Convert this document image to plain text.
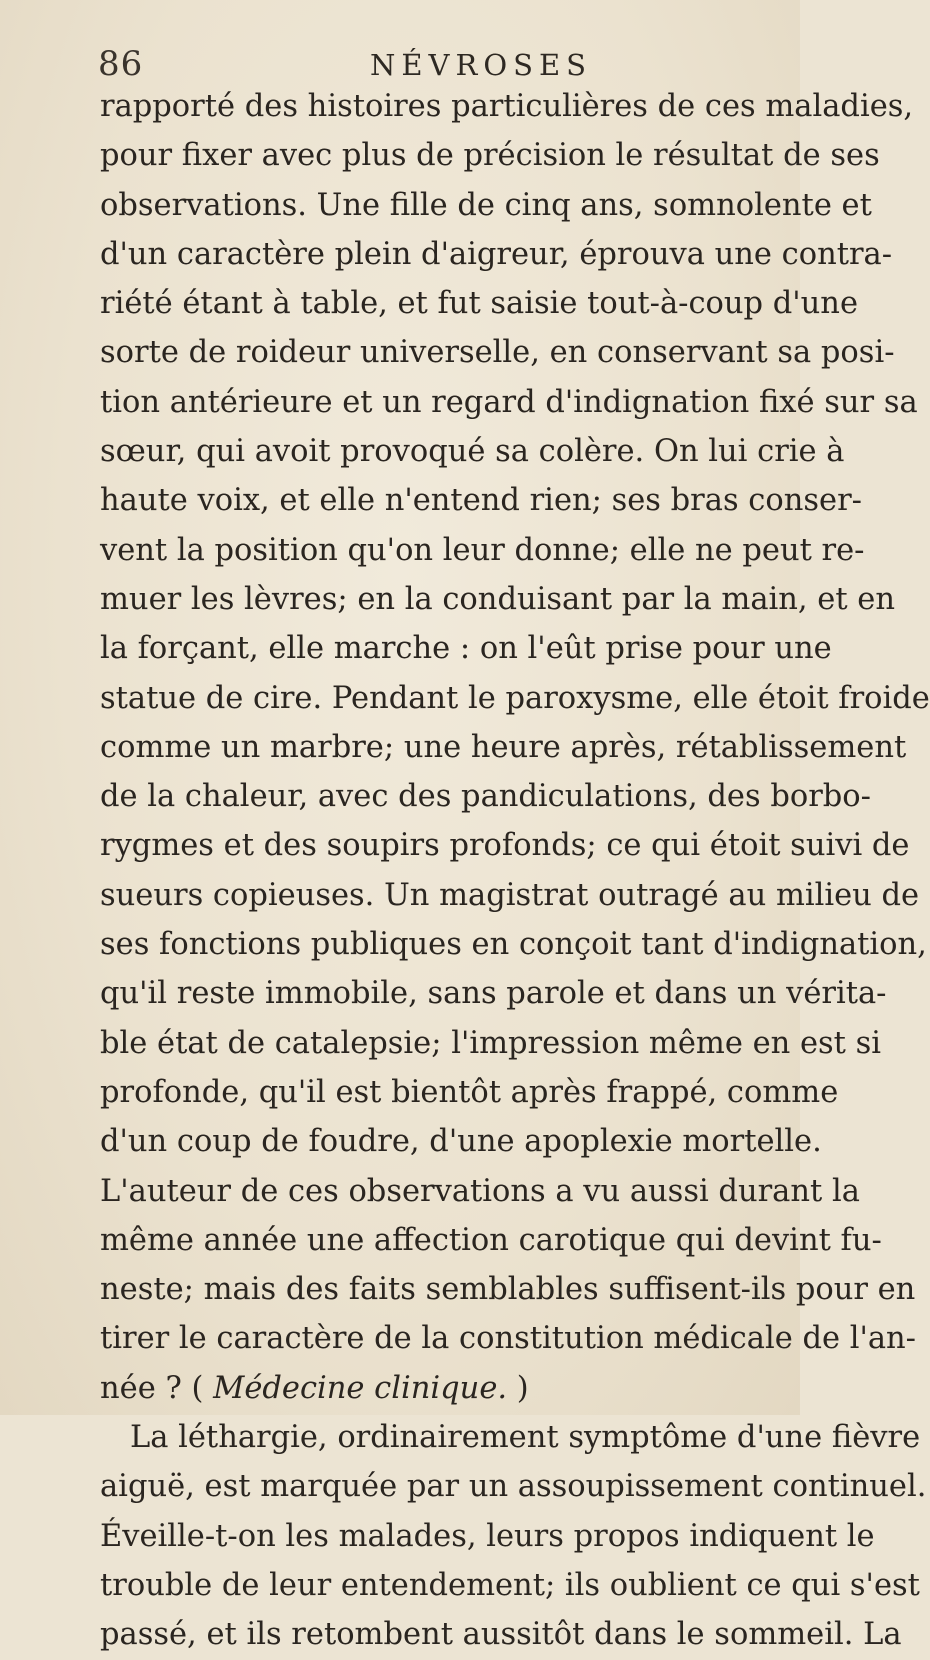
86	NÉVROSES
rapporté des histoires particulières de ces maladies,
pour fixer avec plus de précision le résultat de ses
observations. Une fille de cinq ans, somnolente et
d'un caractère plein d'aigreur, éprouva une contra-
riété étant à table, et fut saisie tout-à-coup d'une
sorte de roideur universelle, en conservant sa posi-
tion antérieure et un regard d'indignation fixé sur sa
sœur, qui avoit provoqué sa colère. On lui crie à
haute voix, et elle n'entend rien; ses bras conser-
vent la position qu'on leur donne; elle ne peut re-
muer les lèvres; en la conduisant par la main, et en
la forçant, elle marche : on l'eût prise pour une
statue de cire. Pendant le paroxysme, elle étoit froide
comme un marbre; une heure après, rétablissement
de la chaleur, avec des pandiculations, des borbo-
rygmes et des soupirs profonds; ce qui étoit suivi de
sueurs copieuses. Un magistrat outragé au milieu de
ses fonctions publiques en conçoit tant d'indignation,
qu'il reste immobile, sans parole et dans un vérita-
ble état de catalepsie; l'impression même en est si
profonde, qu'il est bientôt après frappé, comme
d'un coup de foudre, d'une apoplexie mortelle.
L'auteur de ces observations a vu aussi durant la
même année une affection carotique qui devint fu-
neste; mais des faits semblables suffisent-ils pour en
tirer le caractère de la constitution médicale de l'an-
née ? ( Médecine clinique. )
La léthargie, ordinairement symptôme d'une fièvre
aiguë, est marquée par un assoupissement continuel.
Éveille-t-on les malades, leurs propos indiquent le
trouble de leur entendement; ils oublient ce qui s'est
passé, et ils retombent aussitôt dans le sommeil. La
